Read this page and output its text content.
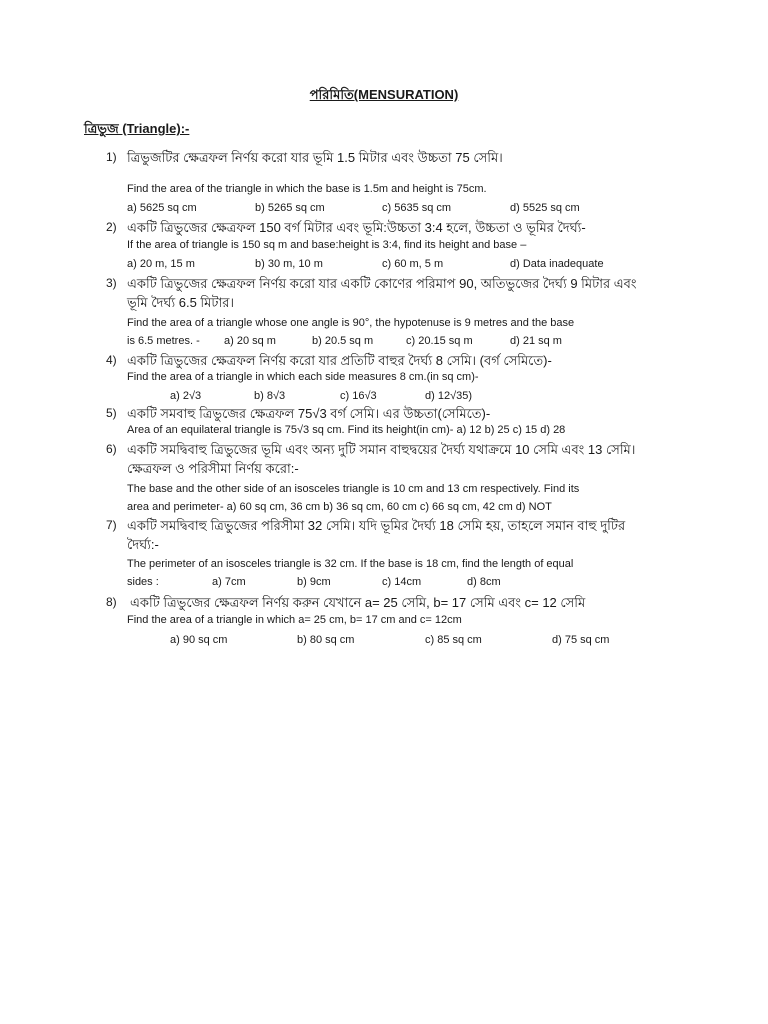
পরিমিতি(MENSURATION)
ত্রিভুজ (Triangle):-
1) ত্রিভুজটির ক্ষেত্রফল নির্ণয় করো যার ভূমি 1.5 মিটার এবং উচ্চতা 75 সেমি।
Find the area of the triangle in which the base is 1.5m and height is 75cm.
a) 5625 sq cm	b) 5265 sq cm	c) 5635 sq cm	d) 5525 sq cm
2) একটি ত্রিভুজের ক্ষেত্রফল 150 বর্গ মিটার এবং ভূমি:উচ্চতা 3:4 হলে, উচ্চতা ও ভূমির দৈর্ঘ্য-
If the area of triangle is 150 sq m and base:height is 3:4, find its height and base –
a) 20 m, 15 m	b) 30 m, 10 m	c) 60 m, 5 m	d) Data inadequate
3) একটি ত্রিভুজের ক্ষেত্রফল নির্ণয় করো যার একটি কোণের পরিমাপ 90, অতিভুজের দৈর্ঘ্য 9 মিটার এবং
ভূমি দৈর্ঘ্য 6.5 মিটার।
Find the area of a triangle whose one angle is 90°, the hypotenuse is 9 metres and the base
is 6.5 metres. - a) 20 sq m	b) 20.5 sq m	c) 20.15 sq m	d) 21 sq m
4) একটি ত্রিভুজের ক্ষেত্রফল নির্ণয় করো যার প্রতিটি বাহুর দৈর্ঘ্য 8 সেমি। (বর্গ সেমিতে)-
Find the area of a triangle in which each side measures 8 cm.(in sq cm)-
a) 2√3	b) 8√3	c) 16√3	d) 12√35)
5) একটি সমবাহু ত্রিভুজের ক্ষেত্রফল 75√3 বর্গ সেমি। এর উচ্চতা(সেমিতে)-
Area of an equilateral triangle is 75√3 sq cm. Find its height(in cm)- a) 12 b) 25 c) 15 d) 28
6) একটি সমদ্বিবাহু ত্রিভুজের ভূমি এবং অন্য দুটি সমান বাহুদ্বয়ের দৈর্ঘ্য যথাক্রমে 10 সেমি এবং 13 সেমি।
ক্ষেত্রফল ও পরিসীমা নির্ণয় করো:-
The base and the other side of an isosceles triangle is 10 cm and 13 cm respectively. Find its
area and perimeter- a) 60 sq cm, 36 cm b) 36 sq cm, 60 cm c) 66 sq cm, 42 cm d) NOT
7) একটি সমদ্বিবাহু ত্রিভুজের পরিসীমা 32 সেমি। যদি ভূমির দৈর্ঘ্য 18 সেমি হয়, তাহলে সমান বাহু দুটির
দৈর্ঘ্য:-
The perimeter of an isosceles triangle is 32 cm. If the base is 18 cm, find the length of equal
sides :	a) 7cm	b) 9cm	c) 14cm	d) 8cm
8) একটি ত্রিভুজের ক্ষেত্রফল নির্ণয় করুন যেখানে a= 25 সেমি, b= 17 সেমি এবং c= 12 সেমি
Find the area of a triangle in which a= 25 cm, b= 17 cm and c= 12cm
a) 90 sq cm	b) 80 sq cm	c) 85 sq cm	d) 75 sq cm
